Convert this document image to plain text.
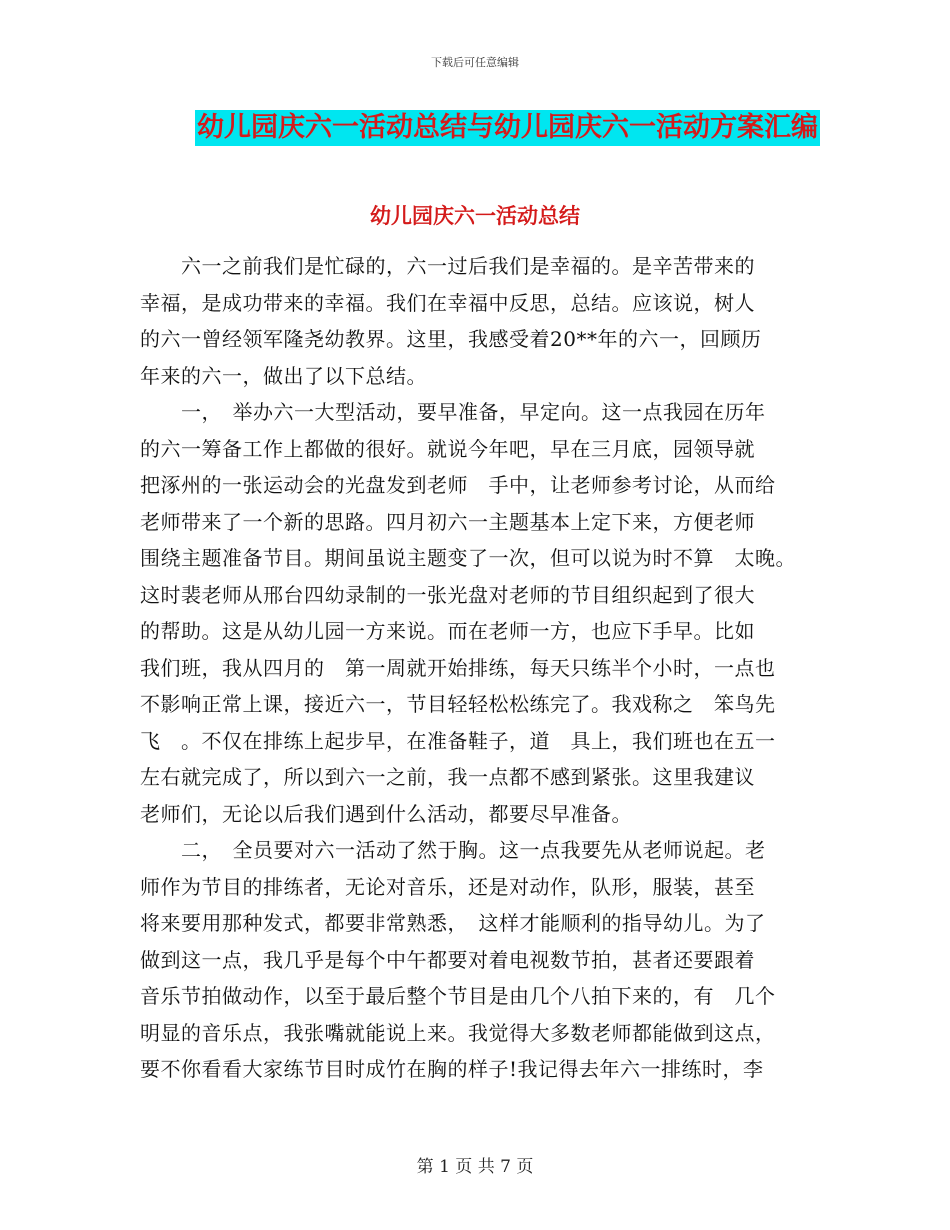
下载后可任意编辑
幼儿园庆六一活动总结与幼儿园庆六一活动方案汇编
幼儿园庆六一活动总结
　　六一之前我们是忙碌的，六一过后我们是幸福的。是辛苦带来的
幸福，是成功带来的幸福。我们在幸福中反思，总结。应该说，树人
的六一曾经领军隆尧幼教界。这里，我感受着20**年的六一，回顾历
年来的六一，做出了以下总结。
　　一，　举办六一大型活动，要早准备，早定向。这一点我园在历年
的六一筹备工作上都做的很好。就说今年吧，早在三月底，园领导就
把涿州的一张运动会的光盘发到老师　手中，让老师参考讨论，从而给
老师带来了一个新的思路。四月初六一主题基本上定下来，方便老师
围绕主题准备节目。期间虽说主题变了一次，但可以说为时不算　太晚。
这时裴老师从邢台四幼录制的一张光盘对老师的节目组织起到了很大
的帮助。这是从幼儿园一方来说。而在老师一方，也应下手早。比如
我们班，我从四月的　第一周就开始排练，每天只练半个小时，一点也
不影响正常上课，接近六一，节目轻轻松松练完了。我戏称之　笨鸟先
飞　。不仅在排练上起步早，在准备鞋子，道　具上，我们班也在五一
左右就完成了，所以到六一之前，我一点都不感到紧张。这里我建议
老师们，无论以后我们遇到什么活动，都要尽早准备。
　　二，　全员要对六一活动了然于胸。这一点我要先从老师说起。老
师作为节目的排练者，无论对音乐，还是对动作，队形，服装，甚至
将来要用那种发式，都要非常熟悉，　这样才能顺利的指导幼儿。为了
做到这一点，我几乎是每个中午都要对着电视数节拍，甚者还要跟着
音乐节拍做动作，以至于最后整个节目是由几个八拍下来的，有　几个
明显的音乐点，我张嘴就能说上来。我觉得大多数老师都能做到这点，
要不你看看大家练节目时成竹在胸的样子!我记得去年六一排练时，李
第 1 页 共 7 页
